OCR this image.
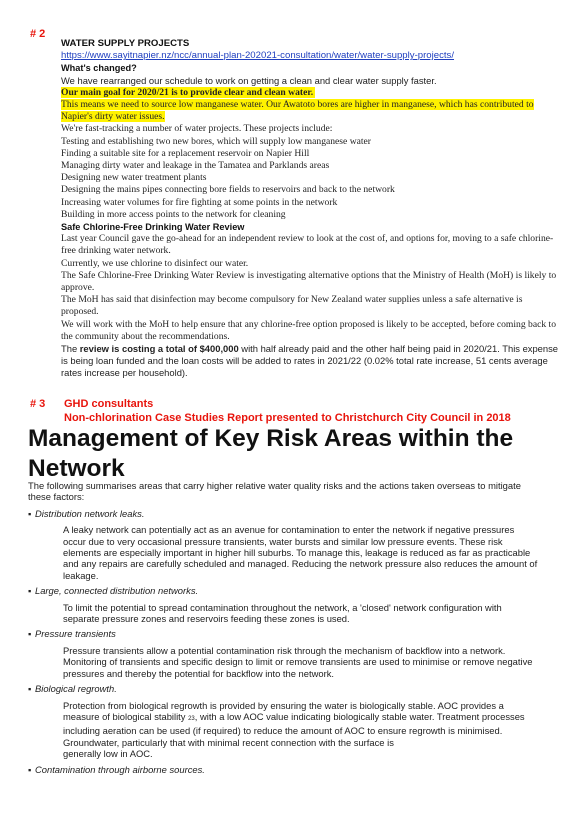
# 2

WATER SUPPLY PROJECTS

https://www.sayitnapier.nz/ncc/annual-plan-202021-consultation/water/water-supply-projects/

What's changed?

We have rearranged our schedule to work on getting a clean and clear water supply faster.

Our main goal for 2020/21 is to provide clear and clean water.

This means we need to source low manganese water. Our Awatoto bores are higher in manganese, which has contributed to Napier's dirty water issues.

We're fast-tracking a number of water projects. These projects include:

Testing and establishing two new bores, which will supply low manganese water

Finding a suitable site for a replacement reservoir on Napier Hill

Managing dirty water and leakage in the Tamatea and Parklands areas

Designing new water treatment plants

Designing the mains pipes connecting bore fields to reservoirs and back to the network

Increasing water volumes for fire fighting at some points in the network

Building in more access points to the network for cleaning

Safe Chlorine-Free Drinking Water Review

Last year Council gave the go-ahead for an independent review to look at the cost of, and options for, moving to a safe chlorine-free drinking water network.

Currently, we use chlorine to disinfect our water.

The Safe Chlorine-Free Drinking Water Review is investigating alternative options that the Ministry of Health (MoH) is likely to approve.

The MoH has said that disinfection may become compulsory for New Zealand water supplies unless a safe alternative is proposed.

We will work with the MoH to help ensure that any chlorine-free option proposed is likely to be accepted, before coming back to the community about the recommendations.

The review is costing a total of $400,000 with half already paid and the other half being paid in 2020/21. This expense is being loan funded and the loan costs will be added to rates in 2021/22 (0.02% total rate increase, 51 cents average rates increase per household).

# 3 GHD consultants
Non-chlorination Case Studies Report presented to Christchurch City Council in 2018
Management of Key Risk Areas within the Network

The following summarises areas that carry higher relative water quality risks and the actions taken overseas to mitigate these factors:

▪ Distribution network leaks.

A leaky network can potentially act as an avenue for contamination to enter the network if negative pressures occur due to very occasional pressure transients, water bursts and similar low pressure events. These risk elements are especially important in higher hill suburbs. To manage this, leakage is reduced as far as practicable and any repairs are carefully scheduled and managed. Reducing the network pressure also reduces the amount of leakage.

▪ Large, connected distribution networks.

To limit the potential to spread contamination throughout the network, a 'closed' network configuration with separate pressure zones and reservoirs feeding these zones is used.

▪ Pressure transients

Pressure transients allow a potential contamination risk through the mechanism of backflow into a network. Monitoring of transients and specific design to limit or remove transients are used to minimise or remove negative pressures and thereby the potential for backflow into the network.

▪ Biological regrowth.

Protection from biological regrowth is provided by ensuring the water is biologically stable. AOC provides a measure of biological stability 23, with a low AOC value indicating biologically stable water. Treatment processes including aeration can be used (if required) to reduce the amount of AOC to ensure regrowth is minimised.

Groundwater, particularly that with minimal recent connection with the surface is generally low in AOC.

▪ Contamination through airborne sources.
